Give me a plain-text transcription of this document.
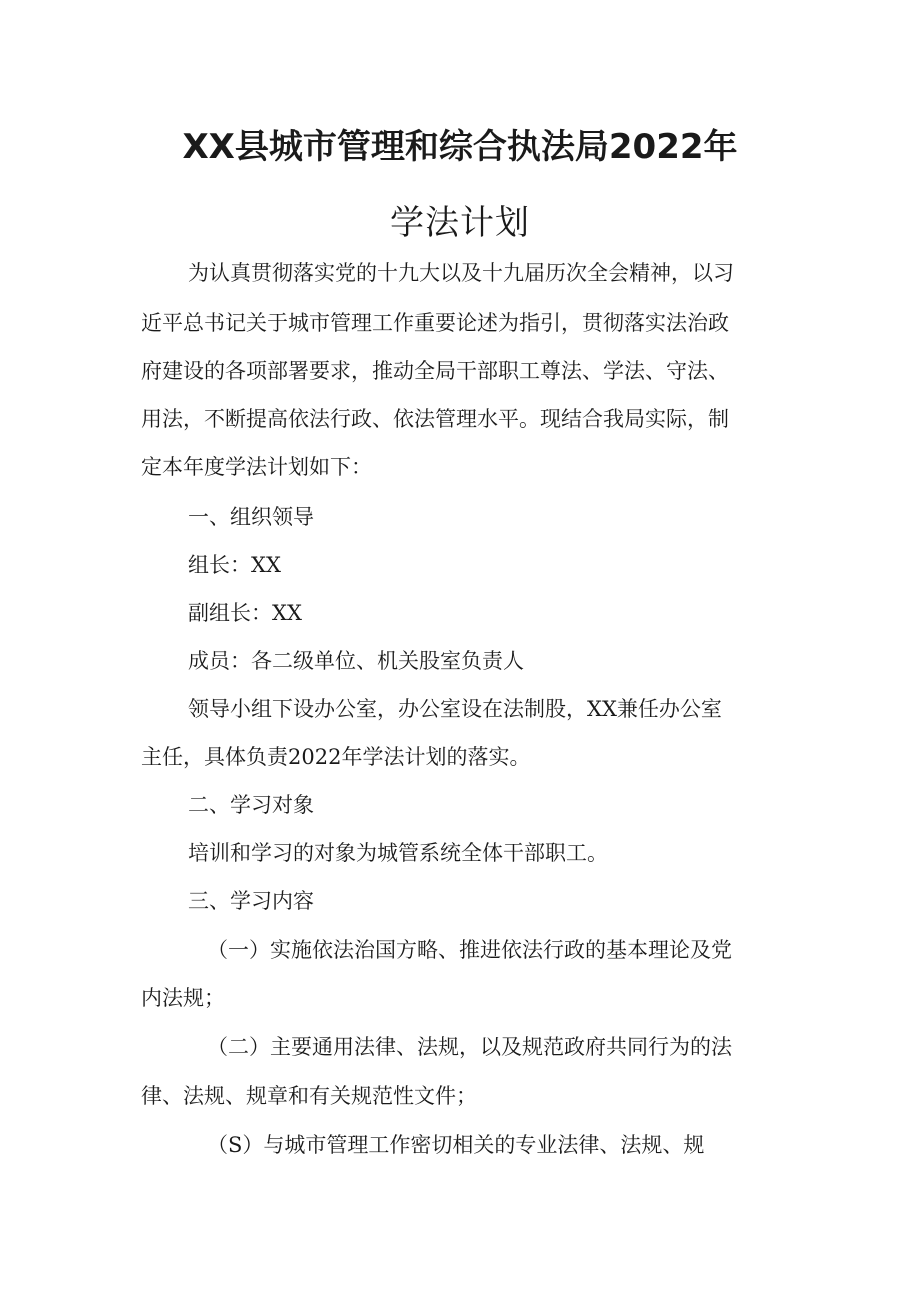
XX县城市管理和综合执法局2022年
学法计划

为认真贯彻落实党的十九大以及十九届历次全会精神，以习

近平总书记关于城市管理工作重要论述为指引，贯彻落实法治政

府建设的各项部署要求，推动全局干部职工尊法、学法、守法、

用法，不断提高依法行政、依法管理水平。现结合我局实际，制

定本年度学法计划如下：

一、组织领导

组长：XX

副组长：XX

成员：各二级单位、机关股室负责人

领导小组下设办公室，办公室设在法制股，XX兼任办公室

主任，具体负责2022年学法计划的落实。

二、学习对象

培训和学习的对象为城管系统全体干部职工。

三、学习内容

（一）实施依法治国方略、推进依法行政的基本理论及党

内法规；

（二）主要通用法律、法规，以及规范政府共同行为的法

律、法规、规章和有关规范性文件；

（S）与城市管理工作密切相关的专业法律、法规、规
